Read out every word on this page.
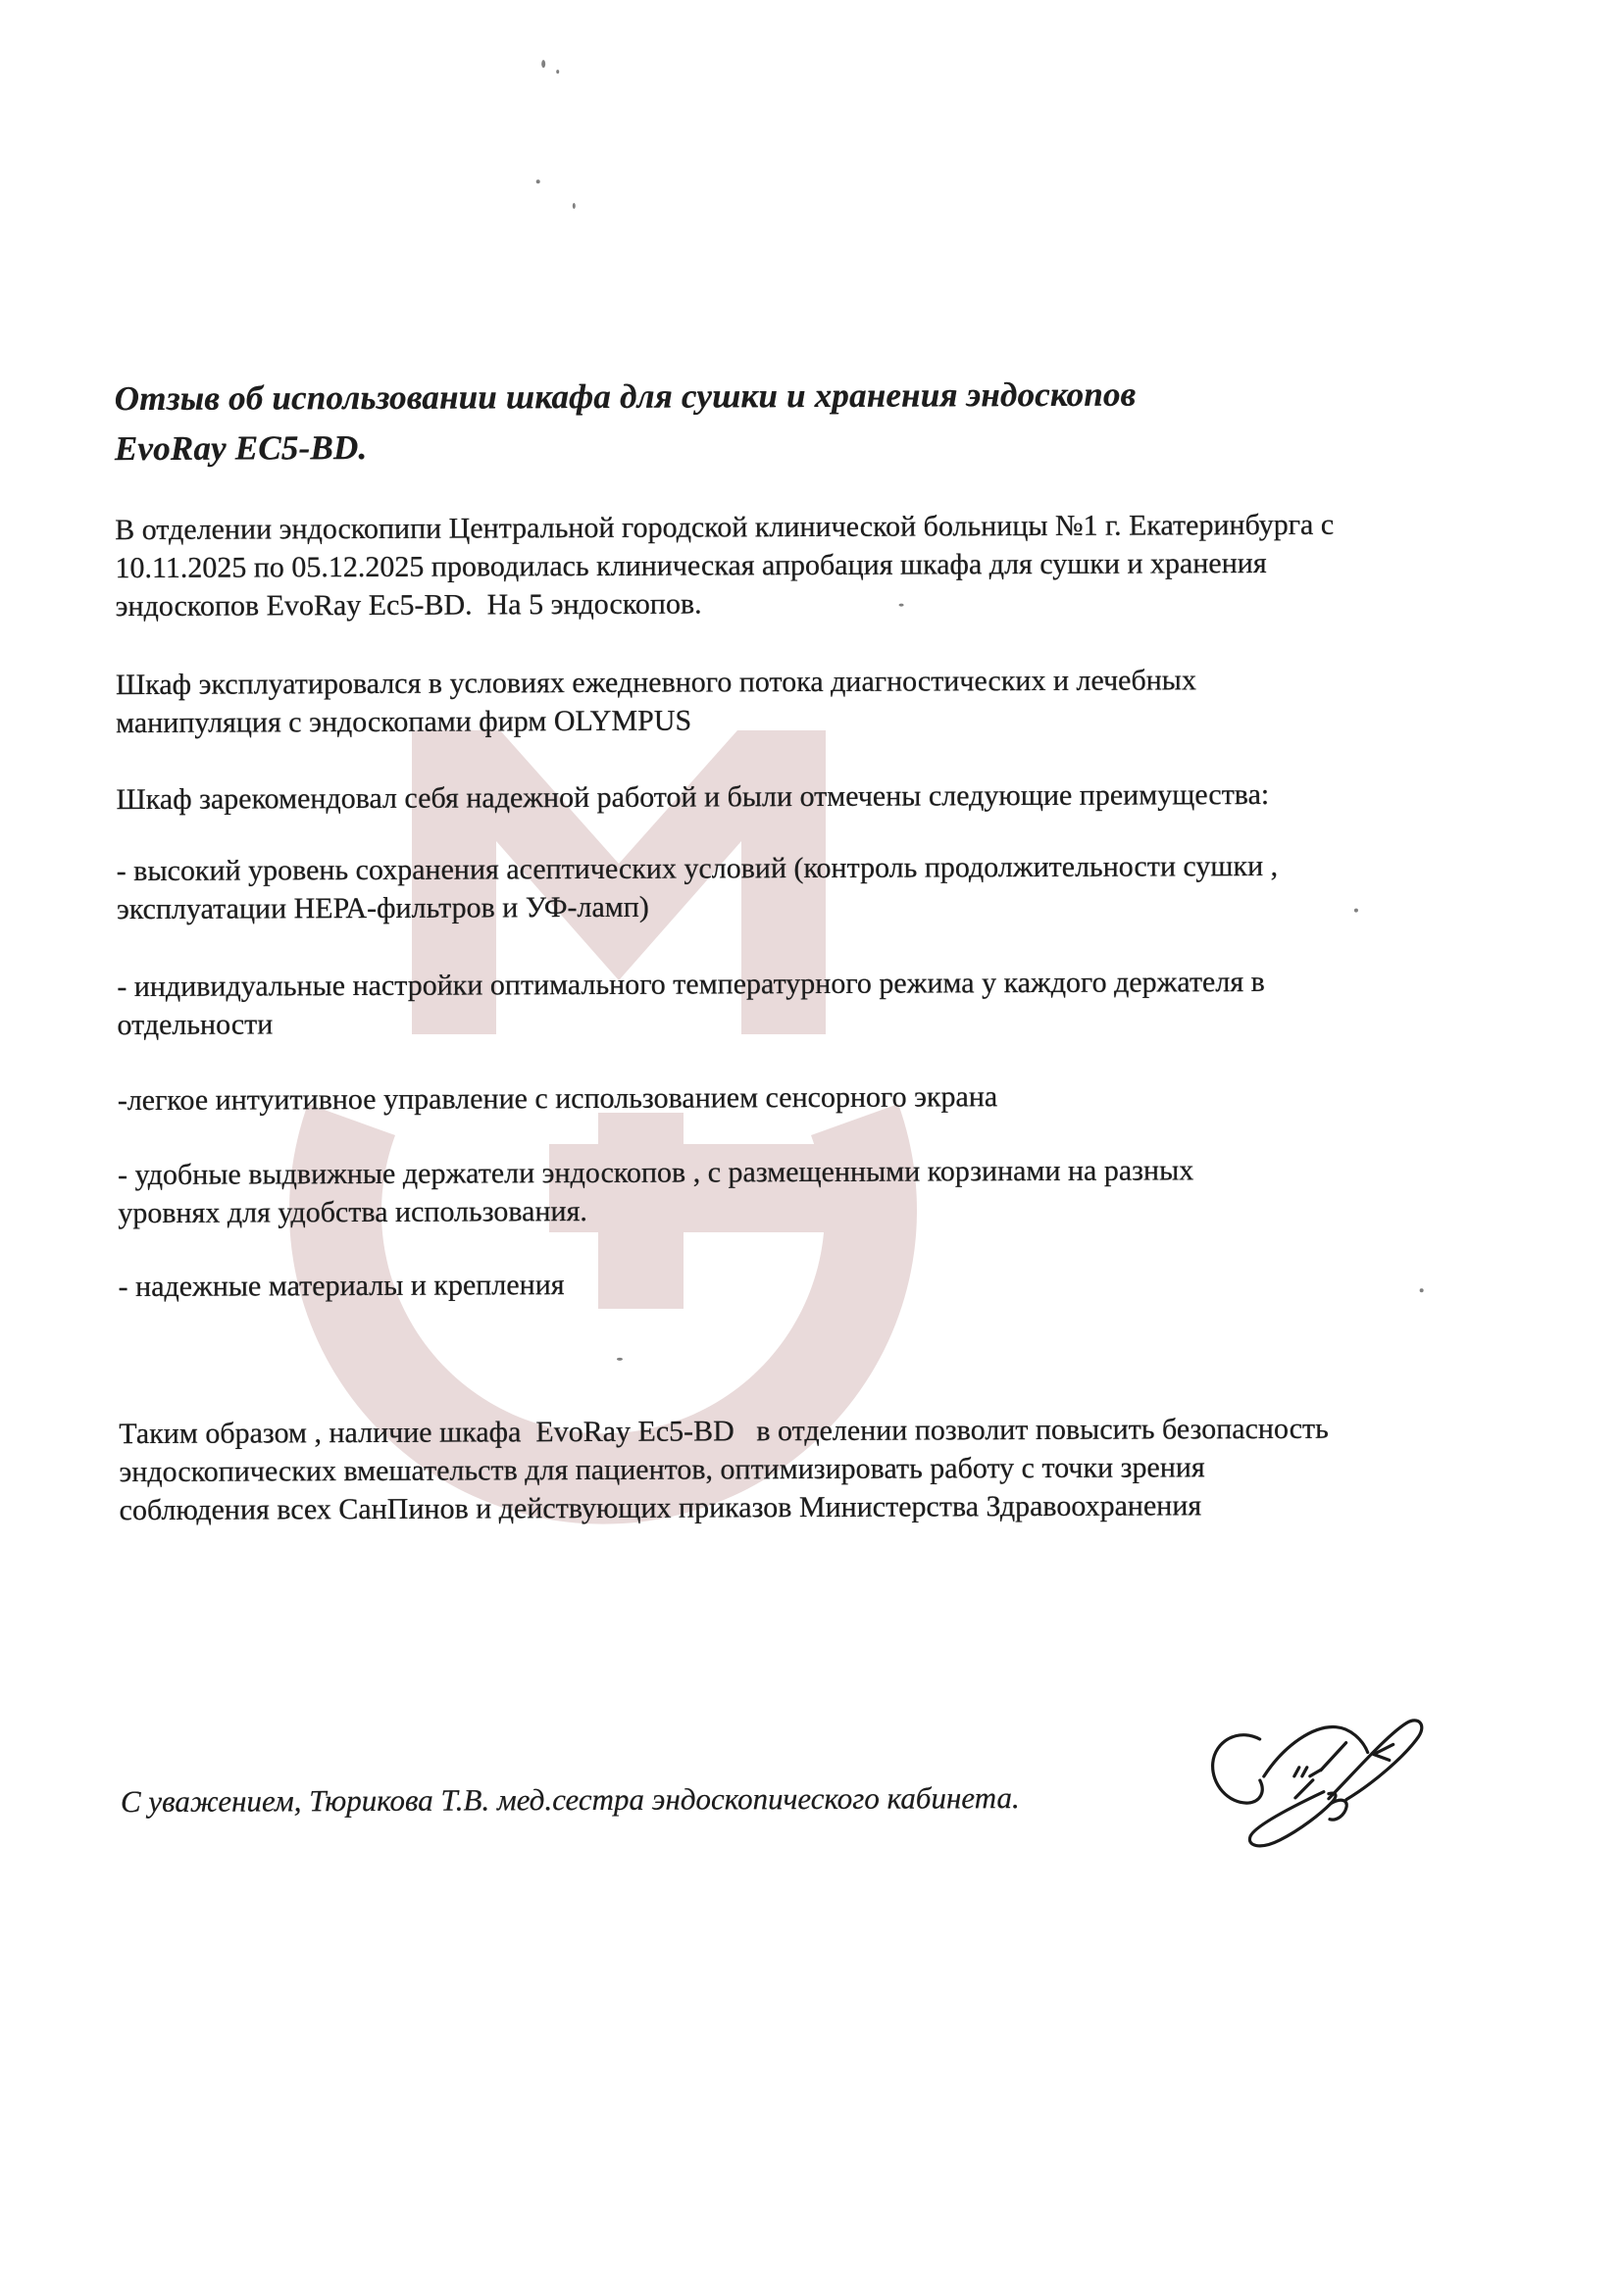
Отзыв об использовании шкафа для сушки и хранения эндоскопов EvoRay EC5-BD.

В отделении эндоскопипи Центральной городской клинической больницы №1 г. Екатеринбурга с 10.11.2025 по 05.12.2025 проводилась клиническая апробация шкафа для сушки и хранения эндоскопов EvoRay Ec5-BD.  На 5 эндоскопов.

Шкаф эксплуатировался в условиях ежедневного потока диагностических и лечебных манипуляция с эндоскопами фирм OLYMPUS

Шкаф зарекомендовал себя надежной работой и были отмечены следующие преимущества:

- высокий уровень сохранения асептических условий (контроль продолжительности сушки , эксплуатации НЕРА-фильтров и УФ-ламп)

- индивидуальные настройки оптимального температурного режима у каждого держателя в отдельности

-легкое интуитивное управление с использованием сенсорного экрана

- удобные выдвижные держатели эндоскопов , с размещенными корзинами на разных уровнях для удобства использования.

- надежные материалы и крепления

Таким образом , наличие шкафа  EvoRay Ec5-BD   в отделении позволит повысить безопасность эндоскопических вмешательств для пациентов, оптимизировать работу с точки зрения соблюдения всех СанПинов и действующих приказов Министерства Здравоохранения

С уважением, Тюрикова Т.В. мед.сестра эндоскопического кабинета.
